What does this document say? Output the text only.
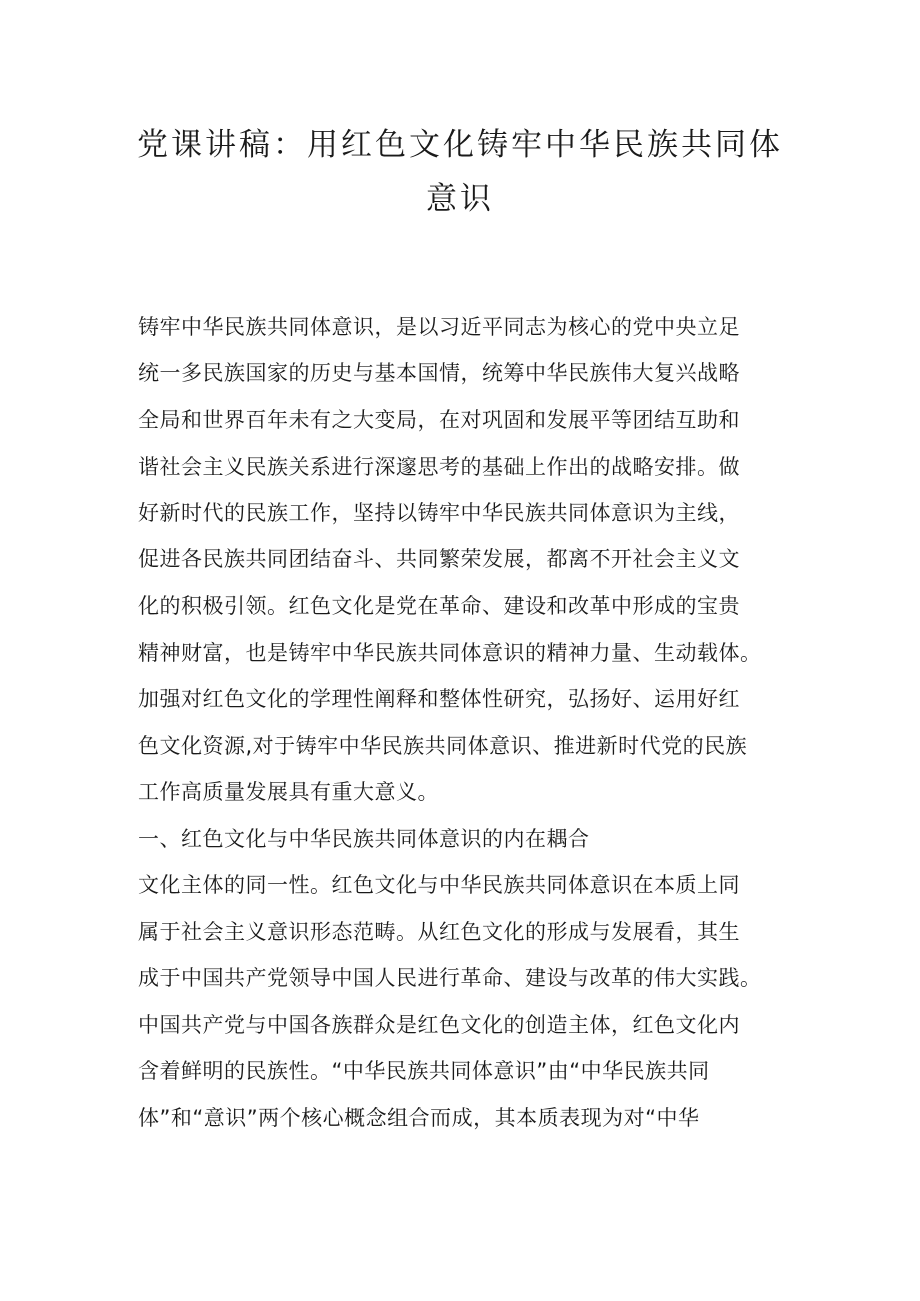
党课讲稿：用红色文化铸牢中华民族共同体
意识
铸牢中华民族共同体意识，是以习近平同志为核心的党中央立足
统一多民族国家的历史与基本国情，统筹中华民族伟大复兴战略
全局和世界百年未有之大变局，在对巩固和发展平等团结互助和
谐社会主义民族关系进行深邃思考的基础上作出的战略安排。做
好新时代的民族工作，坚持以铸牢中华民族共同体意识为主线，
促进各民族共同团结奋斗、共同繁荣发展，都离不开社会主义文
化的积极引领。红色文化是党在革命、建设和改革中形成的宝贵
精神财富，也是铸牢中华民族共同体意识的精神力量、生动载体。
加强对红色文化的学理性阐释和整体性研究，弘扬好、运用好红
色文化资源,对于铸牢中华民族共同体意识、推进新时代党的民族
工作高质量发展具有重大意义。
一、红色文化与中华民族共同体意识的内在耦合
文化主体的同一性。红色文化与中华民族共同体意识在本质上同
属于社会主义意识形态范畴。从红色文化的形成与发展看，其生
成于中国共产党领导中国人民进行革命、建设与改革的伟大实践。
中国共产党与中国各族群众是红色文化的创造主体，红色文化内
含着鲜明的民族性。“中华民族共同体意识”由“中华民族共同
体”和“意识”两个核心概念组合而成，其本质表现为对“中华
